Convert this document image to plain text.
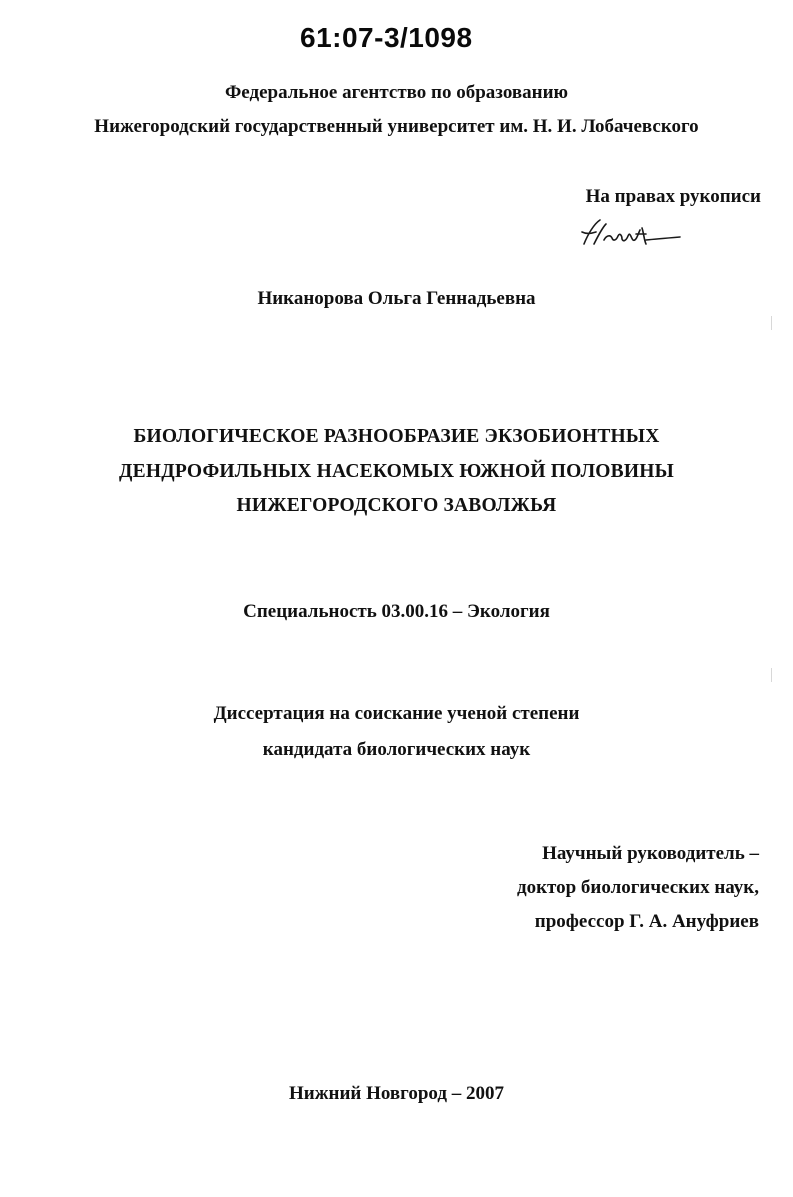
61:07-3/1098
Федеральное агентство по образованию
Нижегородский государственный университет им. Н. И. Лобачевского
На правах рукописи
Никанорова Ольга Геннадьевна
БИОЛОГИЧЕСКОЕ РАЗНООБРАЗИЕ ЭКЗОБИОНТНЫХ
ДЕНДРОФИЛЬНЫХ НАСЕКОМЫХ ЮЖНОЙ ПОЛОВИНЫ
НИЖЕГОРОДСКОГО ЗАВОЛЖЬЯ
Специальность 03.00.16 – Экология
Диссертация на соискание ученой степени
кандидата биологических наук
Научный руководитель –
доктор биологических наук,
профессор Г. А. Ануфриев
Нижний Новгород – 2007
